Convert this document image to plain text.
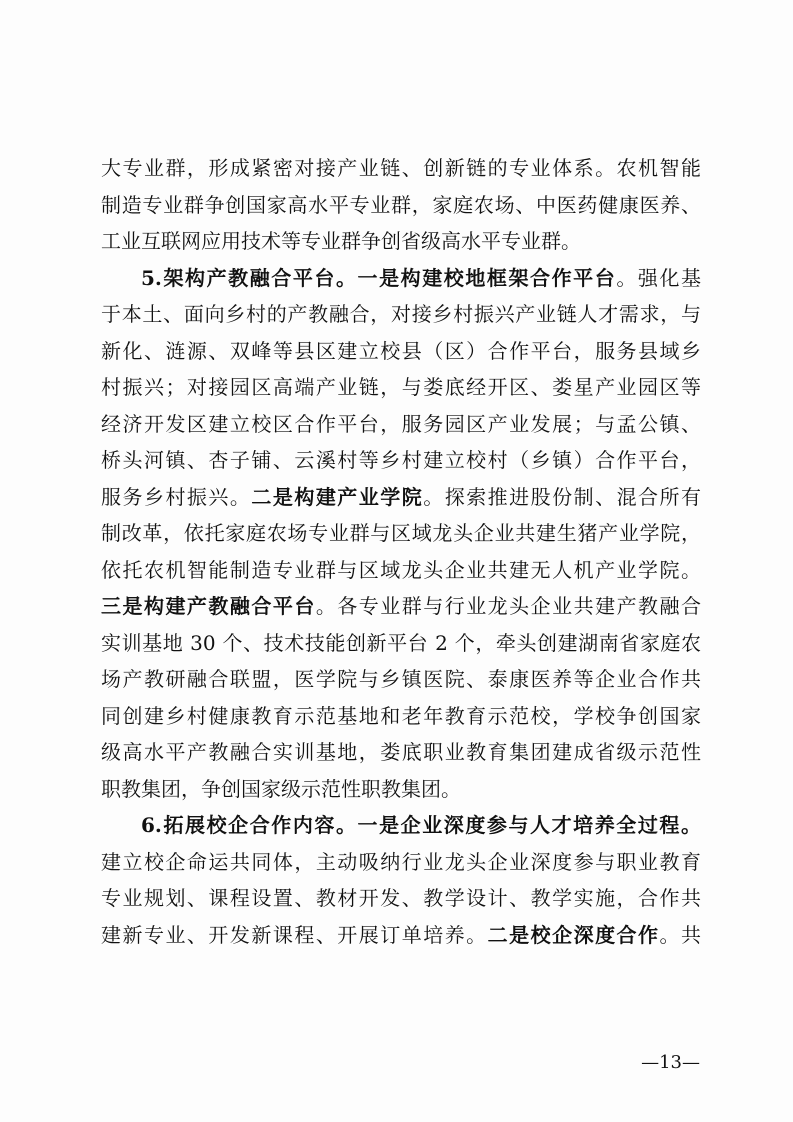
大专业群，形成紧密对接产业链、创新链的专业体系。农机智能
制造专业群争创国家高水平专业群，家庭农场、中医药健康医养、
工业互联网应用技术等专业群争创省级高水平专业群。
5.架构产教融合平台。一是构建校地框架合作平台。强化基
于本土、面向乡村的产教融合，对接乡村振兴产业链人才需求，与
新化、涟源、双峰等县区建立校县（区）合作平台，服务县域乡
村振兴；对接园区高端产业链，与娄底经开区、娄星产业园区等
经济开发区建立校区合作平台，服务园区产业发展；与孟公镇、
桥头河镇、杏子铺、云溪村等乡村建立校村（乡镇）合作平台，
服务乡村振兴。二是构建产业学院。探索推进股份制、混合所有
制改革，依托家庭农场专业群与区域龙头企业共建生猪产业学院，
依托农机智能制造专业群与区域龙头企业共建无人机产业学院。
三是构建产教融合平台。各专业群与行业龙头企业共建产教融合
实训基地 30 个、技术技能创新平台 2 个，牵头创建湖南省家庭农
场产教研融合联盟，医学院与乡镇医院、泰康医养等企业合作共
同创建乡村健康教育示范基地和老年教育示范校，学校争创国家
级高水平产教融合实训基地，娄底职业教育集团建成省级示范性
职教集团，争创国家级示范性职教集团。
6.拓展校企合作内容。一是企业深度参与人才培养全过程。
建立校企命运共同体，主动吸纳行业龙头企业深度参与职业教育
专业规划、课程设置、教材开发、教学设计、教学实施，合作共
建新专业、开发新课程、开展订单培养。二是校企深度合作。共
—13—
